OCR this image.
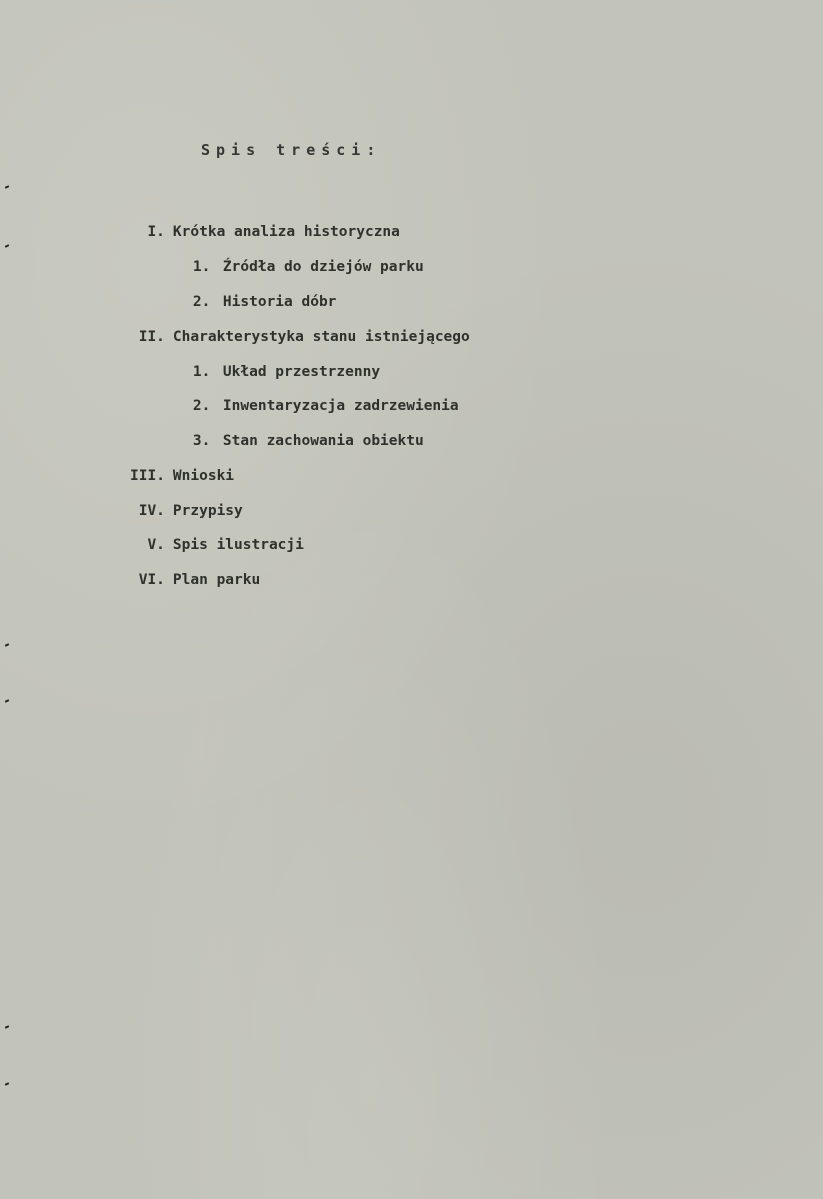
Spis treści:

I. Krótka analiza historyczna

1. Źródła do dziejów parku

2. Historia dóbr

II. Charakterystyka stanu istniejącego

1. Układ przestrzenny

2. Inwentaryzacja zadrzewienia

3. Stan zachowania obiektu

III. Wnioski

IV. Przypisy

V. Spis ilustracji

VI. Plan parku
